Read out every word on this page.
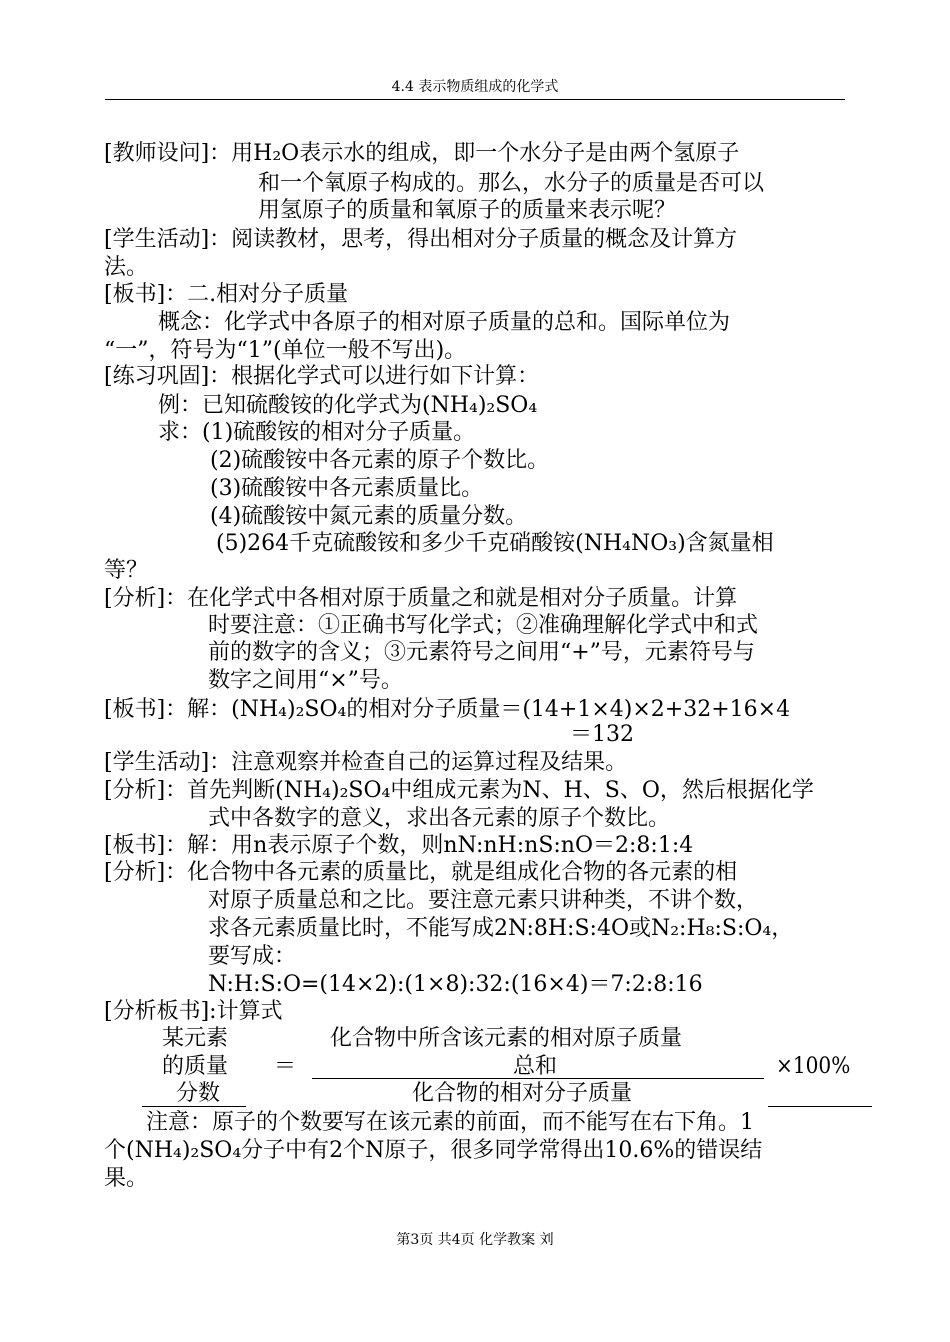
4.4 表示物质组成的化学式
[教师设问]：用H₂O表示水的组成，即一个水分子是由两个氢原子
和一个氧原子构成的。那么，水分子的质量是否可以
用氢原子的质量和氧原子的质量来表示呢？
[学生活动]：阅读教材，思考，得出相对分子质量的概念及计算方
法。
[板书]：二.相对分子质量
概念：化学式中各原子的相对原子质量的总和。国际单位为
“一”，符号为“1”(单位一般不写出)。
[练习巩固]：根据化学式可以进行如下计算：
例：已知硫酸铵的化学式为(NH₄)₂SO₄
求：(1)硫酸铵的相对分子质量。
(2)硫酸铵中各元素的原子个数比。
(3)硫酸铵中各元素质量比。
(4)硫酸铵中氮元素的质量分数。
(5)264千克硫酸铵和多少千克硝酸铵(NH₄NO₃)含氮量相
等？
[分析]：在化学式中各相对原于质量之和就是相对分子质量。计算
时要注意：①正确书写化学式；②准确理解化学式中和式
前的数字的含义；③元素符号之间用“+”号，元素符号与
数字之间用“×”号。
[板书]：解：(NH₄)₂SO₄的相对分子质量＝(14+1×4)×2+32+16×4
＝132
[学生活动]：注意观察并检查自己的运算过程及结果。
[分析]：首先判断(NH₄)₂SO₄中组成元素为N、H、S、O，然后根据化学
式中各数字的意义，求出各元素的原子个数比。
[板书]：解：用n表示原子个数，则nN:nH:nS:nO＝2:8:1:4
[分析]：化合物中各元素的质量比，就是组成化合物的各元素的相
对原子质量总和之比。要注意元素只讲种类，不讲个数，
求各元素质量比时，不能写成2N:8H:S:4O或N₂:H₈:S:O₄，
要写成：
N:H:S:O=(14×2):(1×8):32:(16×4)＝7:2:8:16
[分析板书]:计算式
某元素
的质量
分数
＝
化合物中所含该元素的相对原子质量
总和
化合物的相对分子质量
×100%
注意：原子的个数要写在该元素的前面，而不能写在右下角。1
个(NH₄)₂SO₄分子中有2个N原子，很多同学常得出10.6%的错误结
果。
第3页 共4页 化学教案 刘
